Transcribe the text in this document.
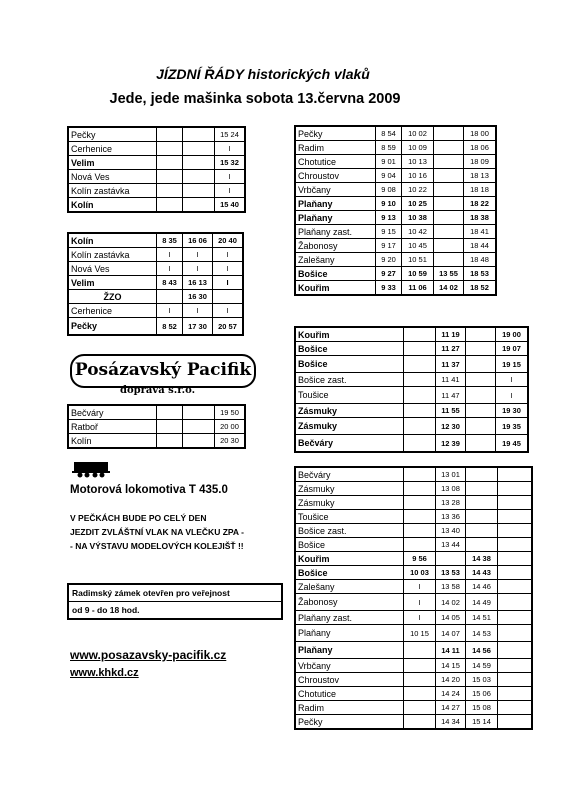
JÍZDNÍ ŘÁDY historických vlaků
Jede, jede mašinka sobota 13.června 2009
Pečky			15 24
Cerhenice			I
Velim			15 32
Nová Ves			I
Kolín zastávka			I
Kolín			15 40
Kolín	8 35	16 06	20 40
Kolín zastávka	I	I	I
Nová Ves	I	I	I
Velim	8 43	16 13	I
ŽZO		16 30	
Cerhenice	I	I	I
Pečky	8 52	17 30	20 57
Bečváry			19 50
Ratboř			20 00
Kolín			20 30
Pečky	8 54	10 02		18 00
Radim	8 59	10 09		18 06
Chotutice	9 01	10 13		18 09
Chroustov	9 04	10 16		18 13
Vrbčany	9 08	10 22		18 18
Plaňany	9 10	10 25		18 22
Plaňany	9 13	10 38		18 38
Plaňany zast.	9 15	10 42		18 41
Žabonosy	9 17	10 45		18 44
Zalešany	9 20	10 51		18 48
Bošice	9 27	10 59	13 55	18 53
Kouřim	9 33	11 06	14 02	18 52
Kouřim		11 19		19 00
Bošice		11 27		19 07
Bošice		11 37		19 15
Bošice zast.		11 41		I
Toušice		11 47		I
Zásmuky		11 55		19 30
Zásmuky		12 30		19 35
Bečváry		12 39		19 45
Bečváry		13 01		
Zásmuky		13 08		
Zásmuky		13 28		
Toušice		13 36		
Bošice zast.		13 40		
Bošice		13 44		
Kouřim	9 56		14 38	
Bošice	10 03	13 53	14 43	
Zalešany	I	13 58	14 46	
Žabonosy	I	14 02	14 49	
Plaňany zast.	I	14 05	14 51	
Plaňany	10 15	14 07	14 53	
Plaňany		14 11	14 56	
Vrbčany		14 15	14 59	
Chroustov		14 20	15 03	
Chotutice		14 24	15 06	
Radim		14 27	15 08	
Pečky		14 34	15 14	
Posázavský Pacifik
doprava s.r.o.
Motorová lokomotiva T 435.0
V PEČKÁCH BUDE PO CELÝ DEN
JEZDIT ZVLÁŠTNÍ VLAK NA VLEČKU ZPA -
- NA VÝSTAVU MODELOVÝCH KOLEJIŠŤ !!
Radimský zámek otevřen pro veřejnost
od 9 - do 18 hod.
www.posazavsky-pacifik.cz
www.khkd.cz
